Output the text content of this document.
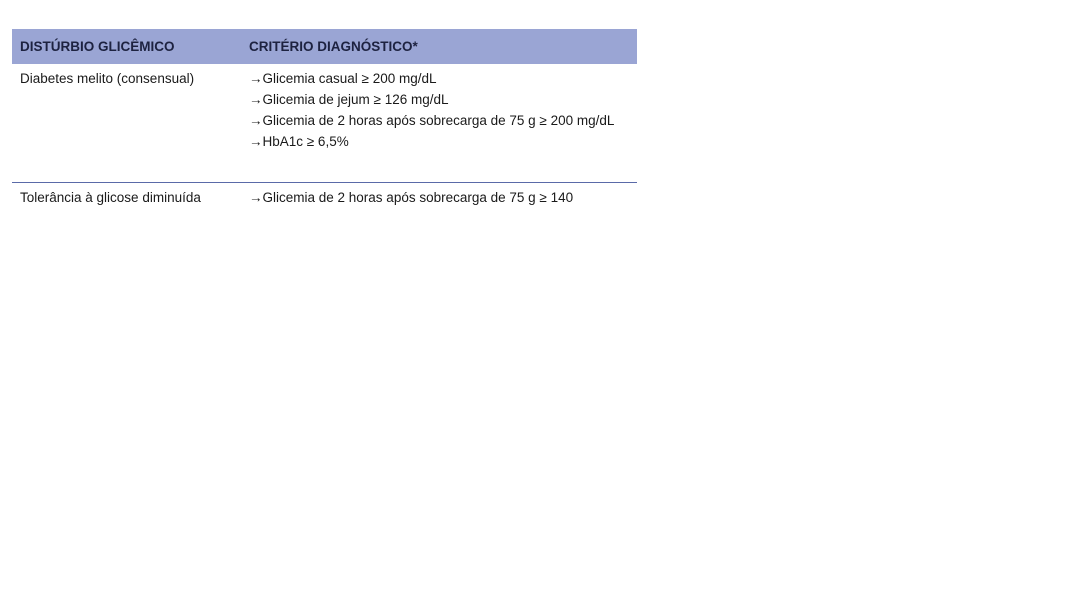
DISTÚRBIO GLICÊMICO	CRITÉRIO DIAGNÓSTICO*
Diabetes melito (consensual)	→ Glicemia casual ≥ 200 mg/dL
→ Glicemia de jejum ≥ 126 mg/dL
→ Glicemia de 2 horas após sobrecarga de 75 g ≥ 200 mg/dL
→ HbA1c ≥ 6,5%
Tolerância à glicose diminuída	→ Glicemia de 2 horas após sobrecarga de 75 g ≥ 140
